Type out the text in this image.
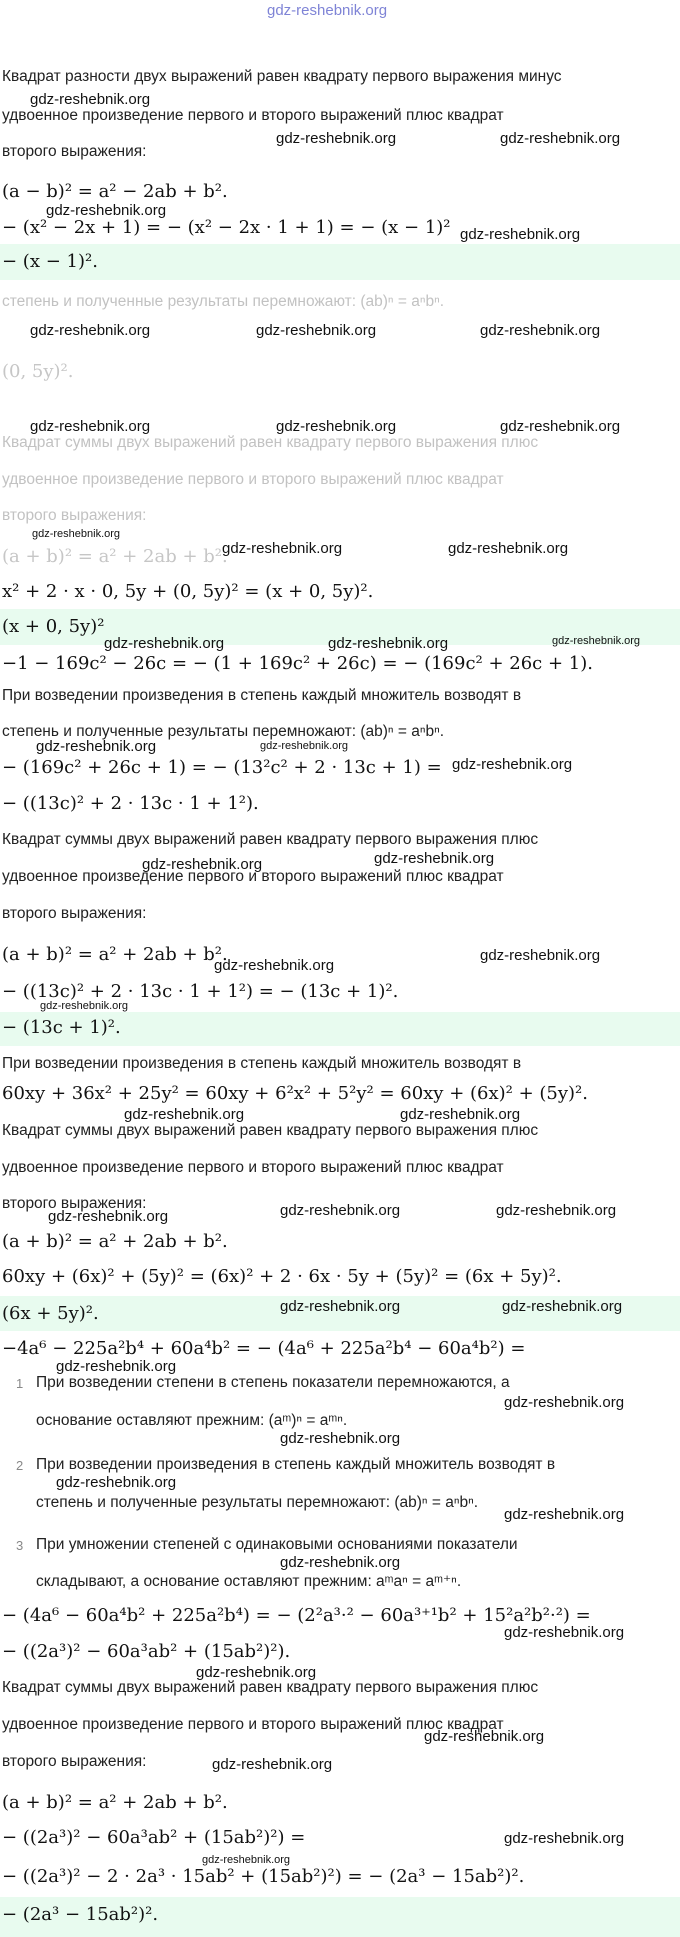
gdz-reshebnik.org
Квадрат разности двух выражений равен квадрату первого выражения минус
удвоенное произведение первого и второго выражений плюс квадрат
второго выражения:
(a − b)² = a² − 2ab + b².
− (x² − 2x + 1) = − (x² − 2x · 1 + 1) = − (x − 1)²
− (x − 1)².
степень и полученные результаты перемножают: (ab)ⁿ = aⁿbⁿ.
(0, 5y)².
Квадрат суммы двух выражений равен квадрату первого выражения плюс
удвоенное произведение первого и второго выражений плюс квадрат
второго выражения:
(a + b)² = a² + 2ab + b².
x² + 2 · x · 0, 5y + (0, 5y)² = (x + 0, 5y)².
(x + 0, 5y)²
−1 − 169c² − 26c = − (1 + 169c² + 26c) = − (169c² + 26c + 1).
При возведении произведения в степень каждый множитель возводят в
степень и полученные результаты перемножают: (ab)ⁿ = aⁿbⁿ.
− (169c² + 26c + 1) = − (13²c² + 2 · 13c + 1) =
− ((13c)² + 2 · 13c · 1 + 1²).
Квадрат суммы двух выражений равен квадрату первого выражения плюс
удвоенное произведение первого и второго выражений плюс квадрат
второго выражения:
(a + b)² = a² + 2ab + b².
− ((13c)² + 2 · 13c · 1 + 1²) = − (13c + 1)².
− (13c + 1)².
При возведении произведения в степень каждый множитель возводят в
60xy + 36x² + 25y² = 60xy + 6²x² + 5²y² = 60xy + (6x)² + (5y)².
Квадрат суммы двух выражений равен квадрату первого выражения плюс
удвоенное произведение первого и второго выражений плюс квадрат
второго выражения:
(a + b)² = a² + 2ab + b².
60xy + (6x)² + (5y)² = (6x)² + 2 · 6x · 5y + (5y)² = (6x + 5y)².
(6x + 5y)².
−4a⁶ − 225a²b⁴ + 60a⁴b² = − (4a⁶ + 225a²b⁴ − 60a⁴b²) =
1 При возведении степени в степень показатели перемножаются, а
основание оставляют прежним: (aᵐ)ⁿ = aᵐⁿ.
2 При возведении произведения в степень каждый множитель возводят в
степень и полученные результаты перемножают: (ab)ⁿ = aⁿbⁿ.
3 При умножении степеней с одинаковыми основаниями показатели
складывают, а основание оставляют прежним: aᵐaⁿ = aᵐ⁺ⁿ.
− (4a⁶ − 60a⁴b² + 225a²b⁴) = − (2²a³·² − 60a³⁺¹b² + 15²a²b²·²) =
− ((2a³)² − 60a³ab² + (15ab²)²).
Квадрат суммы двух выражений равен квадрату первого выражения плюс
удвоенное произведение первого и второго выражений плюс квадрат
второго выражения:
(a + b)² = a² + 2ab + b².
− ((2a³)² − 60a³ab² + (15ab²)²) =
− ((2a³)² − 2 · 2a³ · 15ab² + (15ab²)²) = − (2a³ − 15ab²)².
− (2a³ − 15ab²)².
gdz-reshebnik.org
gdz-reshebnik.org	gdz-reshebnik.org
gdz-reshebnik.org
gdz-reshebnik.org
gdz-reshebnik.org	gdz-reshebnik.org	gdz-reshebnik.org
gdz-reshebnik.org	gdz-reshebnik.org	gdz-reshebnik.org
gdz-reshebnik.org
gdz-reshebnik.org	gdz-reshebnik.org
gdz-reshebnik.org	gdz-reshebnik.org	gdz-reshebnik.org
gdz-reshebnik.org	gdz-reshebnik.org
gdz-reshebnik.org
gdz-reshebnik.org	gdz-reshebnik.org
gdz-reshebnik.org
gdz-reshebnik.org
gdz-reshebnik.org
gdz-reshebnik.org	gdz-reshebnik.org
gdz-reshebnik.org	gdz-reshebnik.org	gdz-reshebnik.org
gdz-reshebnik.org	gdz-reshebnik.org
gdz-reshebnik.org
gdz-reshebnik.org
gdz-reshebnik.org
gdz-reshebnik.org
gdz-reshebnik.org
gdz-reshebnik.org
gdz-reshebnik.org
gdz-reshebnik.org
gdz-reshebnik.org
gdz-reshebnik.org
gdz-reshebnik.org
gdz-reshebnik.org
